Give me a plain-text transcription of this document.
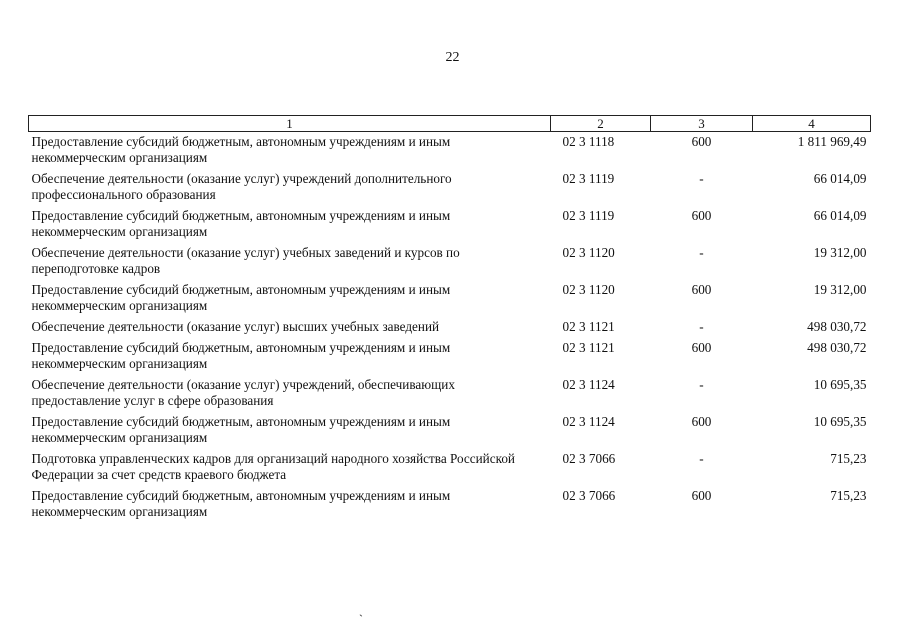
22
1	2	3	4
Предоставление субсидий бюджетным, автономным учреждениям и иным некоммерческим организациям	02 3 1118	600	1 811 969,49
Обеспечение деятельности (оказание услуг) учреждений дополнительного профессионального образования	02 3 1119	-	66 014,09
Предоставление субсидий бюджетным, автономным учреждениям и иным некоммерческим организациям	02 3 1119	600	66 014,09
Обеспечение деятельности (оказание услуг) учебных заведений и курсов по переподготовке кадров	02 3 1120	-	19 312,00
Предоставление субсидий бюджетным, автономным учреждениям и иным некоммерческим организациям	02 3 1120	600	19 312,00
Обеспечение деятельности (оказание услуг) высших учебных заведений	02 3 1121	-	498 030,72
Предоставление субсидий бюджетным, автономным учреждениям и иным некоммерческим организациям	02 3 1121	600	498 030,72
Обеспечение деятельности (оказание услуг) учреждений, обеспечивающих предоставление услуг в сфере образования	02 3 1124	-	10 695,35
Предоставление субсидий бюджетным, автономным учреждениям и иным некоммерческим организациям	02 3 1124	600	10 695,35
Подготовка управленческих кадров для организаций народного хозяйства Российской Федерации за счет средств краевого бюджета	02 3 7066	-	715,23
Предоставление субсидий бюджетным, автономным учреждениям и иным некоммерческим организациям	02 3 7066	600	715,23
`
